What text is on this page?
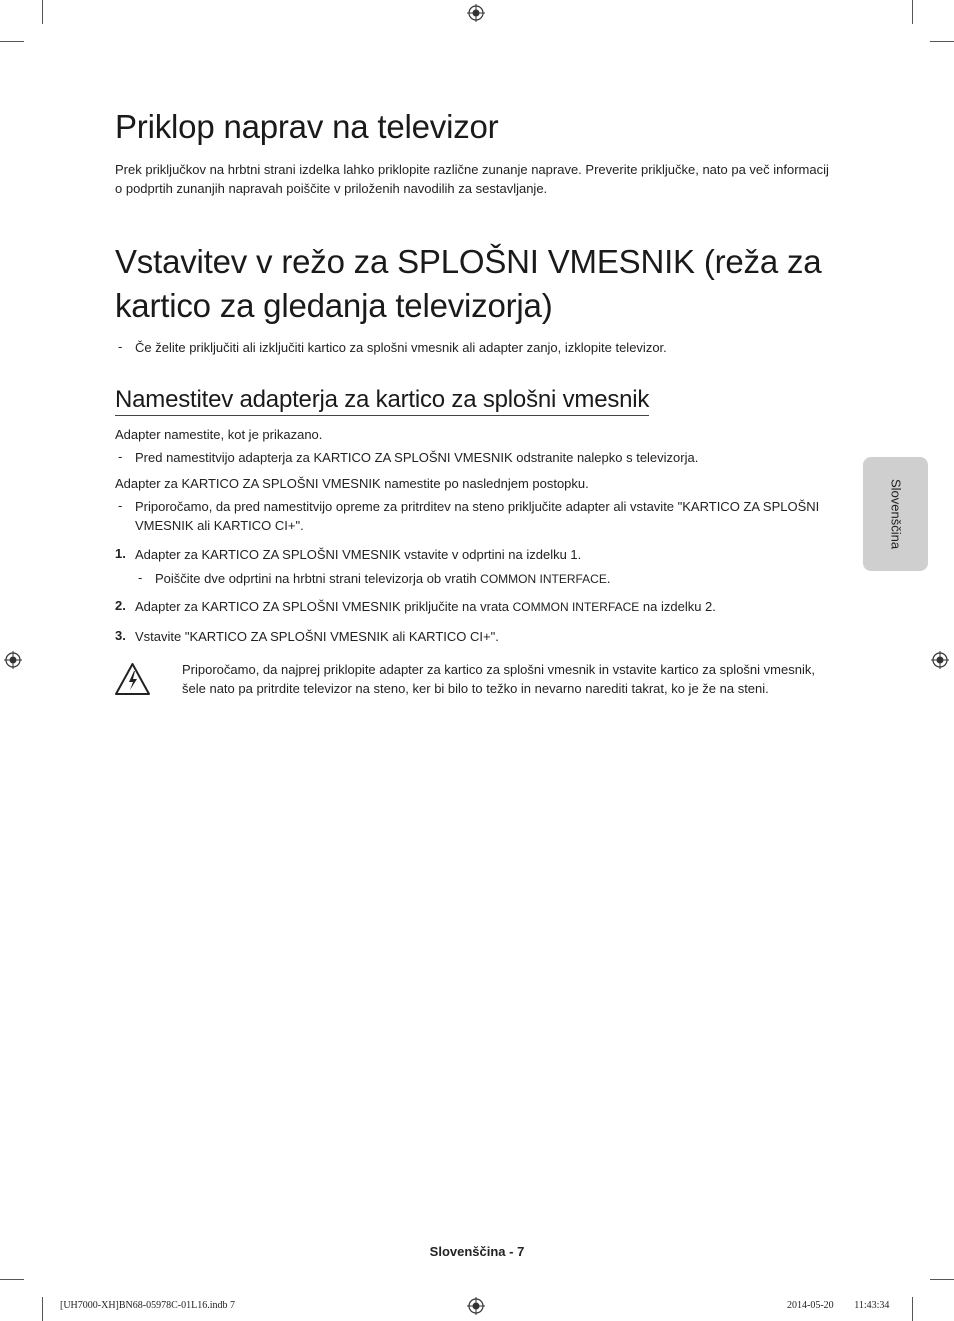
Priklop naprav na televizor
Prek priključkov na hrbtni strani izdelka lahko priklopite različne zunanje naprave. Preverite priključke, nato pa več informacij o podprtih zunanjih napravah poiščite v priloženih navodilih za sestavljanje.
Vstavitev v režo za SPLOŠNI VMESNIK (reža za kartico za gledanja televizorja)
- Če želite priključiti ali izključiti kartico za splošni vmesnik ali adapter zanjo, izklopite televizor.
Namestitev adapterja za kartico za splošni vmesnik
Adapter namestite, kot je prikazano.
- Pred namestitvijo adapterja za KARTICO ZA SPLOŠNI VMESNIK odstranite nalepko s televizorja.
Adapter za KARTICO ZA SPLOŠNI VMESNIK namestite po naslednjem postopku.
- Priporočamo, da pred namestitvijo opreme za pritrditev na steno priključite adapter ali vstavite "KARTICO ZA SPLOŠNI VMESNIK ali KARTICO CI+".
1. Adapter za KARTICO ZA SPLOŠNI VMESNIK vstavite v odprtini na izdelku 1.
- Poiščite dve odprtini na hrbtni strani televizorja ob vratih COMMON INTERFACE.
2. Adapter za KARTICO ZA SPLOŠNI VMESNIK priključite na vrata COMMON INTERFACE na izdelku 2.
3. Vstavite "KARTICO ZA SPLOŠNI VMESNIK ali KARTICO CI+".
Priporočamo, da najprej priklopite adapter za kartico za splošni vmesnik in vstavite kartico za splošni vmesnik, šele nato pa pritrdite televizor na steno, ker bi bilo to težko in nevarno narediti takrat, ko je že na steni.
Slovenščina
Slovenščina - 7
[UH7000-XH]BN68-05978C-01L16.indb 7	2014-05-20 ￿￿ 11:43:34
